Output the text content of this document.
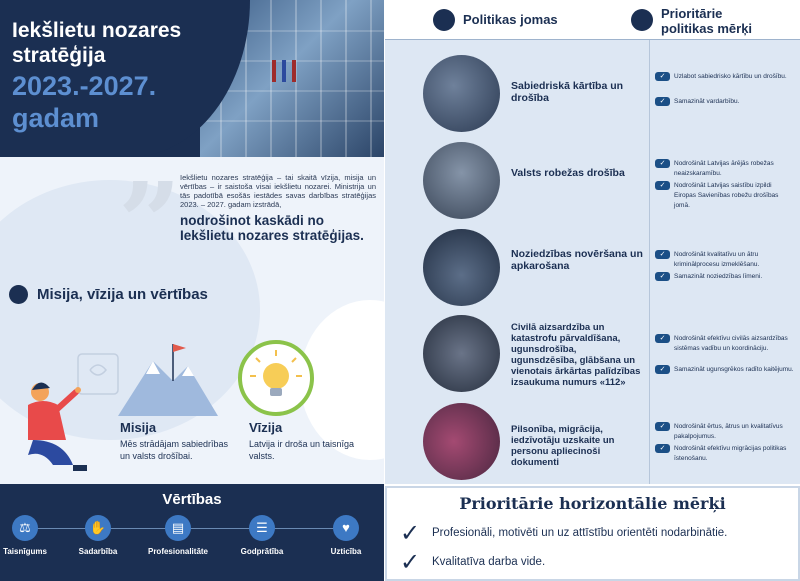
Iekšlietu nozares
stratēģija
2023.-2027.
gadam
”
Iekšlietu nozares stratēģija – tai skaitā vīzija, misija un vērtības – ir saistoša visai iekšlietu nozarei. Ministrija un tās padotībā esošās iestādes savas darbības stratēģijas 2023. – 2027. gadam izstrādā,
nodrošinot kaskādi no Iekšlietu nozares stratēģijas.
Misija, vīzija un vērtības
Misija
Mēs strādājam sabiedrības un valsts drošībai.
Vīzija
Latvija ir droša un taisnīga valsts.
Vērtības
⚖
Taisnīgums
✋
Sadarbība
▤
Profesionalitāte
☰
Godprātība
♥
Uzticība
Politikas jomas	Prioritārie
politikas mērķi
Sabiedriskā kārtība un drošība
✓	Uzlabot sabiedrisko kārtību un drošību.
✓	Samazināt vardarbību.
Valsts robežas drošība
✓	Nodrošināt Latvijas ārējās robežas neaizskaramību.
✓	Nodrošināt Latvijas saistību izpildi Eiropas Savienības robežu drošības jomā.
Noziedzības novēršana un apkarošana
✓	Nodrošināt kvalitatīvu un ātru kriminālprocesu izmeklēšanu.
✓	Samazināt noziedzības līmeni.
Civilā aizsardzība un katastrofu pārvaldīšana, ugunsdrošība, ugunsdzēsība, glābšana un vienotais ārkārtas palīdzības izsaukuma numurs «112»
✓	Nodrošināt efektīvu civilās aizsardzības sistēmas vadību un koordināciju.
✓	Samazināt ugunsgrēkos radīto kaitējumu.
Pilsonība, migrācija, iedzīvotāju uzskaite un personu apliecinoši dokumenti
✓	Nodrošināt ērtus, ātrus un kvalitatīvus pakalpojumus.
✓	Nodrošināt efektīvu migrācijas politikas īstenošanu.
Prioritārie horizontālie mērķi
✓ Profesionāli, motivēti un uz attīstību orientēti nodarbinātie.
✓ Kvalitatīva darba vide.
